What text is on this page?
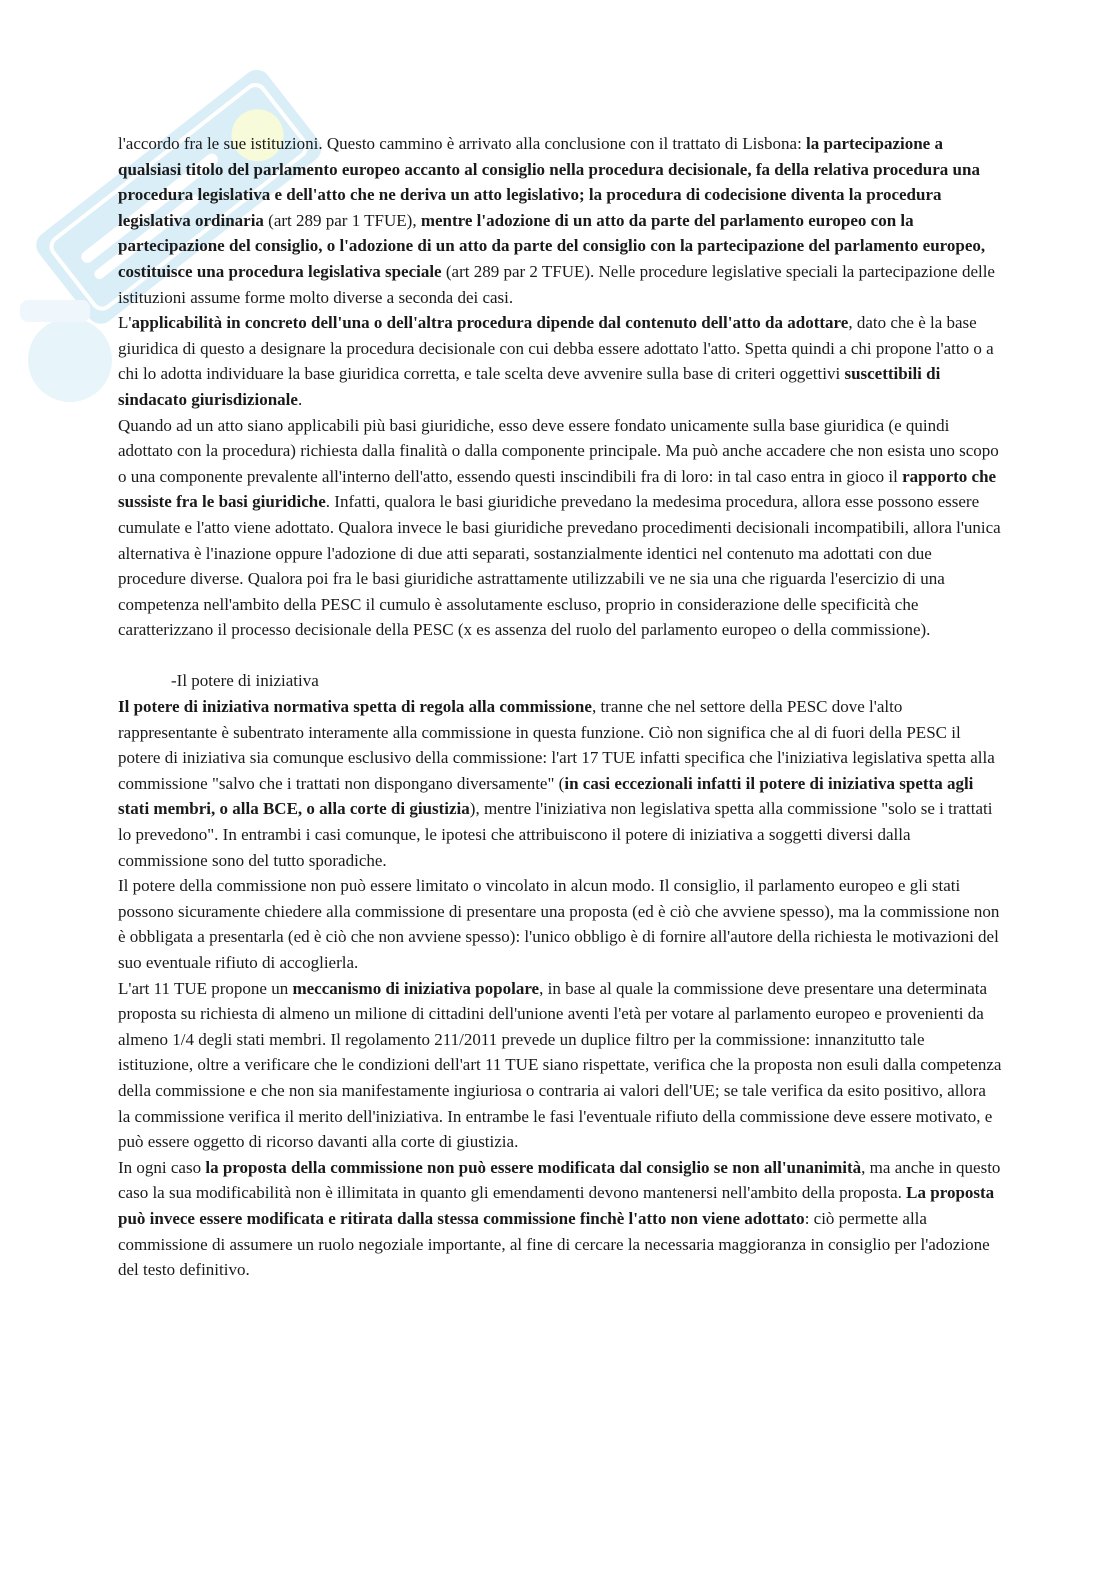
l'accordo fra le sue istituzioni. Questo cammino è arrivato alla conclusione con il trattato di Lisbona: la partecipazione a qualsiasi titolo del parlamento europeo accanto al consiglio nella procedura decisionale, fa della relativa procedura una procedura legislativa e dell'atto che ne deriva un atto legislativo; la procedura di codecisione diventa la procedura legislativa ordinaria (art 289 par 1 TFUE), mentre l'adozione di un atto da parte del parlamento europeo con la partecipazione del consiglio, o l'adozione di un atto da parte del consiglio con la partecipazione del parlamento europeo, costituisce una procedura legislativa speciale (art 289 par 2 TFUE). Nelle procedure legislative speciali la partecipazione delle istituzioni assume forme molto diverse a seconda dei casi.

L'applicabilità in concreto dell'una o dell'altra procedura dipende dal contenuto dell'atto da adottare, dato che è la base giuridica di questo a designare la procedura decisionale con cui debba essere adottato l'atto. Spetta quindi a chi propone l'atto o a chi lo adotta individuare la base giuridica corretta, e tale scelta deve avvenire sulla base di criteri oggettivi suscettibili di sindacato giurisdizionale.

Quando ad un atto siano applicabili più basi giuridiche, esso deve essere fondato unicamente sulla base giuridica (e quindi adottato con la procedura) richiesta dalla finalità o dalla componente principale. Ma può anche accadere che non esista uno scopo o una componente prevalente all'interno dell'atto, essendo questi inscindibili fra di loro: in tal caso entra in gioco il rapporto che sussiste fra le basi giuridiche. Infatti, qualora le basi giuridiche prevedano la medesima procedura, allora esse possono essere cumulate e l'atto viene adottato. Qualora invece le basi giuridiche prevedano procedimenti decisionali incompatibili, allora l'unica alternativa è l'inazione oppure l'adozione di due atti separati, sostanzialmente identici nel contenuto ma adottati con due procedure diverse. Qualora poi fra le basi giuridiche astrattamente utilizzabili ve ne sia una che riguarda l'esercizio di una competenza nell'ambito della PESC il cumulo è assolutamente escluso, proprio in considerazione delle specificità che caratterizzano il processo decisionale della PESC (x es assenza del ruolo del parlamento europeo o della commissione).

-Il potere di iniziativa

Il potere di iniziativa normativa spetta di regola alla commissione, tranne che nel settore della PESC dove l'alto rappresentante è subentrato interamente alla commissione in questa funzione. Ciò non significa che al di fuori della PESC il potere di iniziativa sia comunque esclusivo della commissione: l'art 17 TUE infatti specifica che l'iniziativa legislativa spetta alla commissione "salvo che i trattati non dispongano diversamente" (in casi eccezionali infatti il potere di iniziativa spetta agli stati membri, o alla BCE, o alla corte di giustizia), mentre l'iniziativa non legislativa spetta alla commissione "solo se i trattati lo prevedono". In entrambi i casi comunque, le ipotesi che attribuiscono il potere di iniziativa a soggetti diversi dalla commissione sono del tutto sporadiche.

Il potere della commissione non può essere limitato o vincolato in alcun modo. Il consiglio, il parlamento europeo e gli stati possono sicuramente chiedere alla commissione di presentare una proposta (ed è ciò che avviene spesso), ma la commissione non è obbligata a presentarla (ed è ciò che non avviene spesso): l'unico obbligo è di fornire all'autore della richiesta le motivazioni del suo eventuale rifiuto di accoglierla.

L'art 11 TUE propone un meccanismo di iniziativa popolare, in base al quale la commissione deve presentare una determinata proposta su richiesta di almeno un milione di cittadini dell'unione aventi l'età per votare al parlamento europeo e provenienti da almeno 1/4 degli stati membri. Il regolamento 211/2011 prevede un duplice filtro per la commissione: innanzitutto tale istituzione, oltre a verificare che le condizioni dell'art 11 TUE siano rispettate, verifica che la proposta non esuli dalla competenza della commissione e che non sia manifestamente ingiuriosa o contraria ai valori dell'UE; se tale verifica da esito positivo, allora la commissione verifica il merito dell'iniziativa. In entrambe le fasi l'eventuale rifiuto della commissione deve essere motivato, e può essere oggetto di ricorso davanti alla corte di giustizia.

In ogni caso la proposta della commissione non può essere modificata dal consiglio se non all'unanimità, ma anche in questo caso la sua modificabilità non è illimitata in quanto gli emendamenti devono mantenersi nell'ambito della proposta. La proposta può invece essere modificata e ritirata dalla stessa commissione finchè l'atto non viene adottato: ciò permette alla commissione di assumere un ruolo negoziale importante, al fine di cercare la necessaria maggioranza in consiglio per l'adozione del testo definitivo.
